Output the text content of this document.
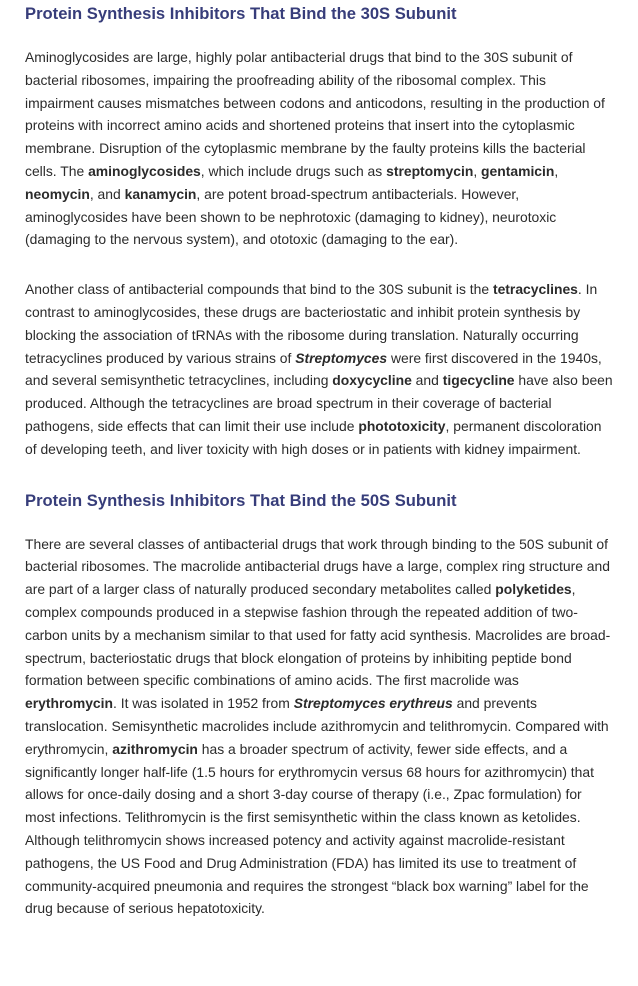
Protein Synthesis Inhibitors That Bind the 30S Subunit

Aminoglycosides are large, highly polar antibacterial drugs that bind to the 30S subunit of bacterial ribosomes, impairing the proofreading ability of the ribosomal complex. This impairment causes mismatches between codons and anticodons, resulting in the production of proteins with incorrect amino acids and shortened proteins that insert into the cytoplasmic membrane. Disruption of the cytoplasmic membrane by the faulty proteins kills the bacterial cells. The aminoglycosides, which include drugs such as streptomycin, gentamicin, neomycin, and kanamycin, are potent broad-spectrum antibacterials. However, aminoglycosides have been shown to be nephrotoxic (damaging to kidney), neurotoxic (damaging to the nervous system), and ototoxic (damaging to the ear).

Another class of antibacterial compounds that bind to the 30S subunit is the tetracyclines. In contrast to aminoglycosides, these drugs are bacteriostatic and inhibit protein synthesis by blocking the association of tRNAs with the ribosome during translation. Naturally occurring tetracyclines produced by various strains of Streptomyces were first discovered in the 1940s, and several semisynthetic tetracyclines, including doxycycline and tigecycline have also been produced. Although the tetracyclines are broad spectrum in their coverage of bacterial pathogens, side effects that can limit their use include phototoxicity, permanent discoloration of developing teeth, and liver toxicity with high doses or in patients with kidney impairment.

Protein Synthesis Inhibitors That Bind the 50S Subunit

There are several classes of antibacterial drugs that work through binding to the 50S subunit of bacterial ribosomes. The macrolide antibacterial drugs have a large, complex ring structure and are part of a larger class of naturally produced secondary metabolites called polyketides, complex compounds produced in a stepwise fashion through the repeated addition of two-carbon units by a mechanism similar to that used for fatty acid synthesis. Macrolides are broad-spectrum, bacteriostatic drugs that block elongation of proteins by inhibiting peptide bond formation between specific combinations of amino acids. The first macrolide was erythromycin. It was isolated in 1952 from Streptomyces erythreus and prevents translocation. Semisynthetic macrolides include azithromycin and telithromycin. Compared with erythromycin, azithromycin has a broader spectrum of activity, fewer side effects, and a significantly longer half-life (1.5 hours for erythromycin versus 68 hours for azithromycin) that allows for once-daily dosing and a short 3-day course of therapy (i.e., Zpac formulation) for most infections. Telithromycin is the first semisynthetic within the class known as ketolides. Although telithromycin shows increased potency and activity against macrolide-resistant pathogens, the US Food and Drug Administration (FDA) has limited its use to treatment of community-acquired pneumonia and requires the strongest “black box warning” label for the drug because of serious hepatotoxicity.
